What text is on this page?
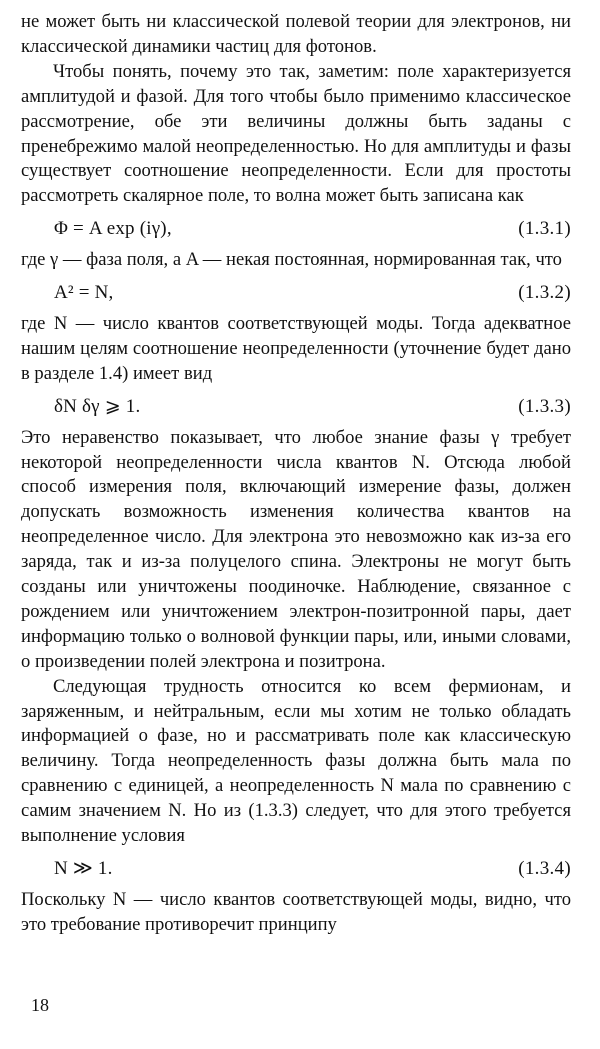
не может быть ни классической полевой теории для электронов, ни классической динамики частиц для фотонов.

Чтобы понять, почему это так, заметим: поле характеризуется амплитудой и фазой. Для того чтобы было применимо классическое рассмотрение, обе эти величины должны быть заданы с пренебрежимо малой неопределенностью. Но для амплитуды и фазы существует соотношение неопределенности. Если для простоты рассмотреть скалярное поле, то волна может быть записана как

Φ = A exp (iγ),	(1.3.1)

где γ — фаза поля, а A — некая постоянная, нормированная так, что

A² = N,	(1.3.2)

где N — число квантов соответствующей моды. Тогда адекватное нашим целям соотношение неопределенности (уточнение будет дано в разделе 1.4) имеет вид

δN δγ ⩾ 1.	(1.3.3)

Это неравенство показывает, что любое знание фазы γ требует некоторой неопределенности числа квантов N. Отсюда любой способ измерения поля, включающий измерение фазы, должен допускать возможность изменения количества квантов на неопределенное число. Для электрона это невозможно как из-за его заряда, так и из-за полуцелого спина. Электроны не могут быть созданы или уничтожены поодиночке. Наблюдение, связанное с рождением или уничтожением электрон-позитронной пары, дает информацию только о волновой функции пары, или, иными словами, о произведении полей электрона и позитрона.

Следующая трудность относится ко всем фермионам, и заряженным, и нейтральным, если мы хотим не только обладать информацией о фазе, но и рассматривать поле как классическую величину. Тогда неопределенность фазы должна быть мала по сравнению с единицей, а неопределенность N мала по сравнению с самим значением N. Но из (1.3.3) следует, что для этого требуется выполнение условия

N ≫ 1.	(1.3.4)

Поскольку N — число квантов соответствующей моды, видно, что это требование противоречит принципу

18
